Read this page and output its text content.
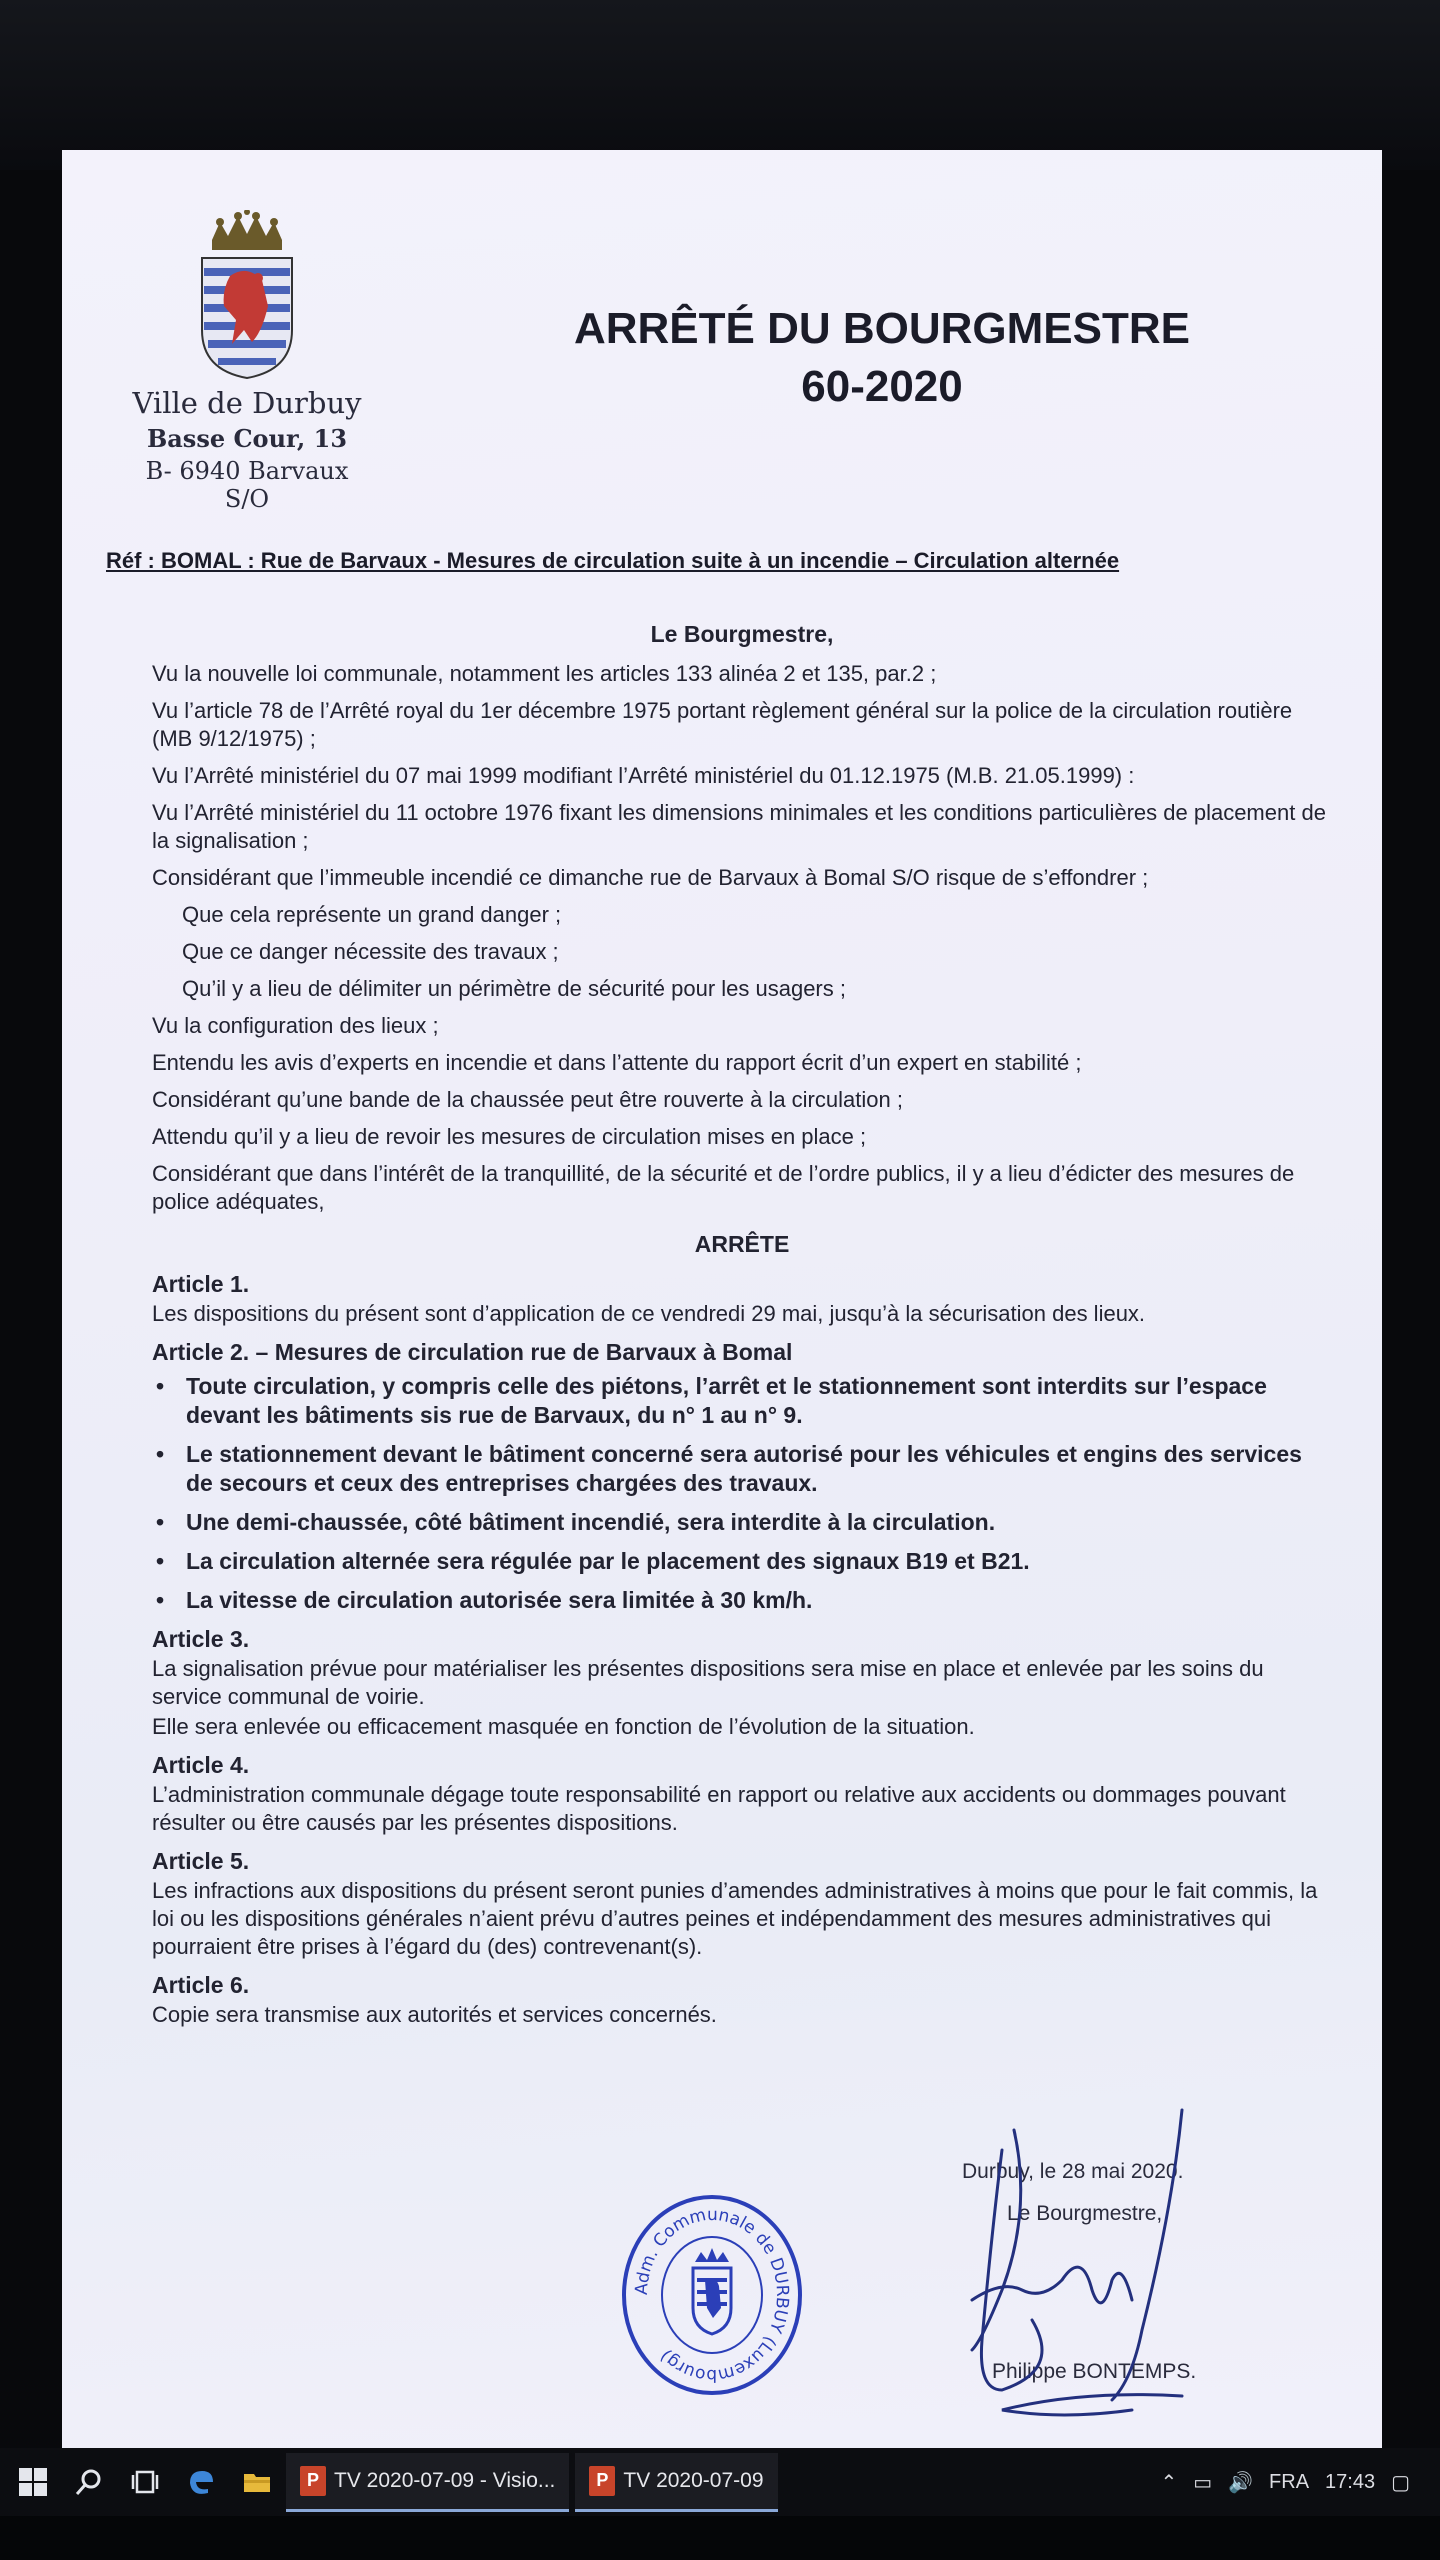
Ville de Durbuy
Basse Cour, 13
B- 6940 Barvaux S/O
ARRÊTÉ DU BOURGMESTRE
60-2020
Réf : BOMAL : Rue de Barvaux - Mesures de circulation suite à un incendie – Circulation alternée
Le Bourgmestre,

Vu la nouvelle loi communale, notamment les articles 133 alinéa 2 et 135, par.2 ;

Vu l’article 78 de l’Arrêté royal du 1er décembre 1975 portant règlement général sur la police de la circulation routière (MB 9/12/1975) ;

Vu l’Arrêté ministériel du 07 mai 1999 modifiant l’Arrêté ministériel du 01.12.1975 (M.B. 21.05.1999) :

Vu l’Arrêté ministériel du 11 octobre 1976 fixant les dimensions minimales et les conditions particulières de placement de la signalisation ;

Considérant que l’immeuble incendié ce dimanche rue de Barvaux à Bomal S/O risque de s’effondrer ;

Que cela représente un grand danger ;

Que ce danger nécessite des travaux ;

Qu’il y a lieu de délimiter un périmètre de sécurité pour les usagers ;

Vu la configuration des lieux ;

Entendu les avis d’experts en incendie et dans l’attente du rapport écrit d’un expert en stabilité ;

Considérant qu’une bande de la chaussée peut être rouverte à la circulation ;

Attendu qu’il y a lieu de revoir les mesures de circulation mises en place ;

Considérant que dans l’intérêt de la tranquillité, de la sécurité et de l’ordre publics, il y a lieu d’édicter des mesures de police adéquates,

ARRÊTE
Article 1.

Les dispositions du présent sont d’application de ce vendredi 29 mai, jusqu’à la sécurisation des lieux.

Article 2. – Mesures de circulation rue de Barvaux à Bomal
• Toute circulation, y compris celle des piétons, l’arrêt et le stationnement sont interdits sur l’espace devant les bâtiments sis rue de Barvaux, du n° 1 au n° 9.
• Le stationnement devant le bâtiment concerné sera autorisé pour les véhicules et engins des services de secours et ceux des entreprises chargées des travaux.
• Une demi-chaussée, côté bâtiment incendié, sera interdite à la circulation.
• La circulation alternée sera régulée par le placement des signaux B19 et B21.
• La vitesse de circulation autorisée sera limitée à 30 km/h.
Article 3.

La signalisation prévue pour matérialiser les présentes dispositions sera mise en place et enlevée par les soins du service communal de voirie.

Elle sera enlevée ou efficacement masquée en fonction de l’évolution de la situation.

Article 4.

L’administration communale dégage toute responsabilité en rapport ou relative aux accidents ou dommages pouvant résulter ou être causés par les présentes dispositions.

Article 5.

Les infractions aux dispositions du présent seront punies d’amendes administratives à moins que pour le fait commis, la loi ou les dispositions générales n’aient prévu d’autres peines et indépendamment des mesures administratives qui pourraient être prises à l’égard du (des) contrevenant(s).

Article 6.

Copie sera transmise aux autorités et services concernés.

Adm. Communale de DURBUY (Luxembourg)
Durbuy, le 28 mai 2020.
Le Bourgmestre,
Philippe BONTEMPS.
P TV 2020-07-09 - Visio...	P TV 2020-07-09	⌃ ▭ 🔊 FRA 17:43 ▢
